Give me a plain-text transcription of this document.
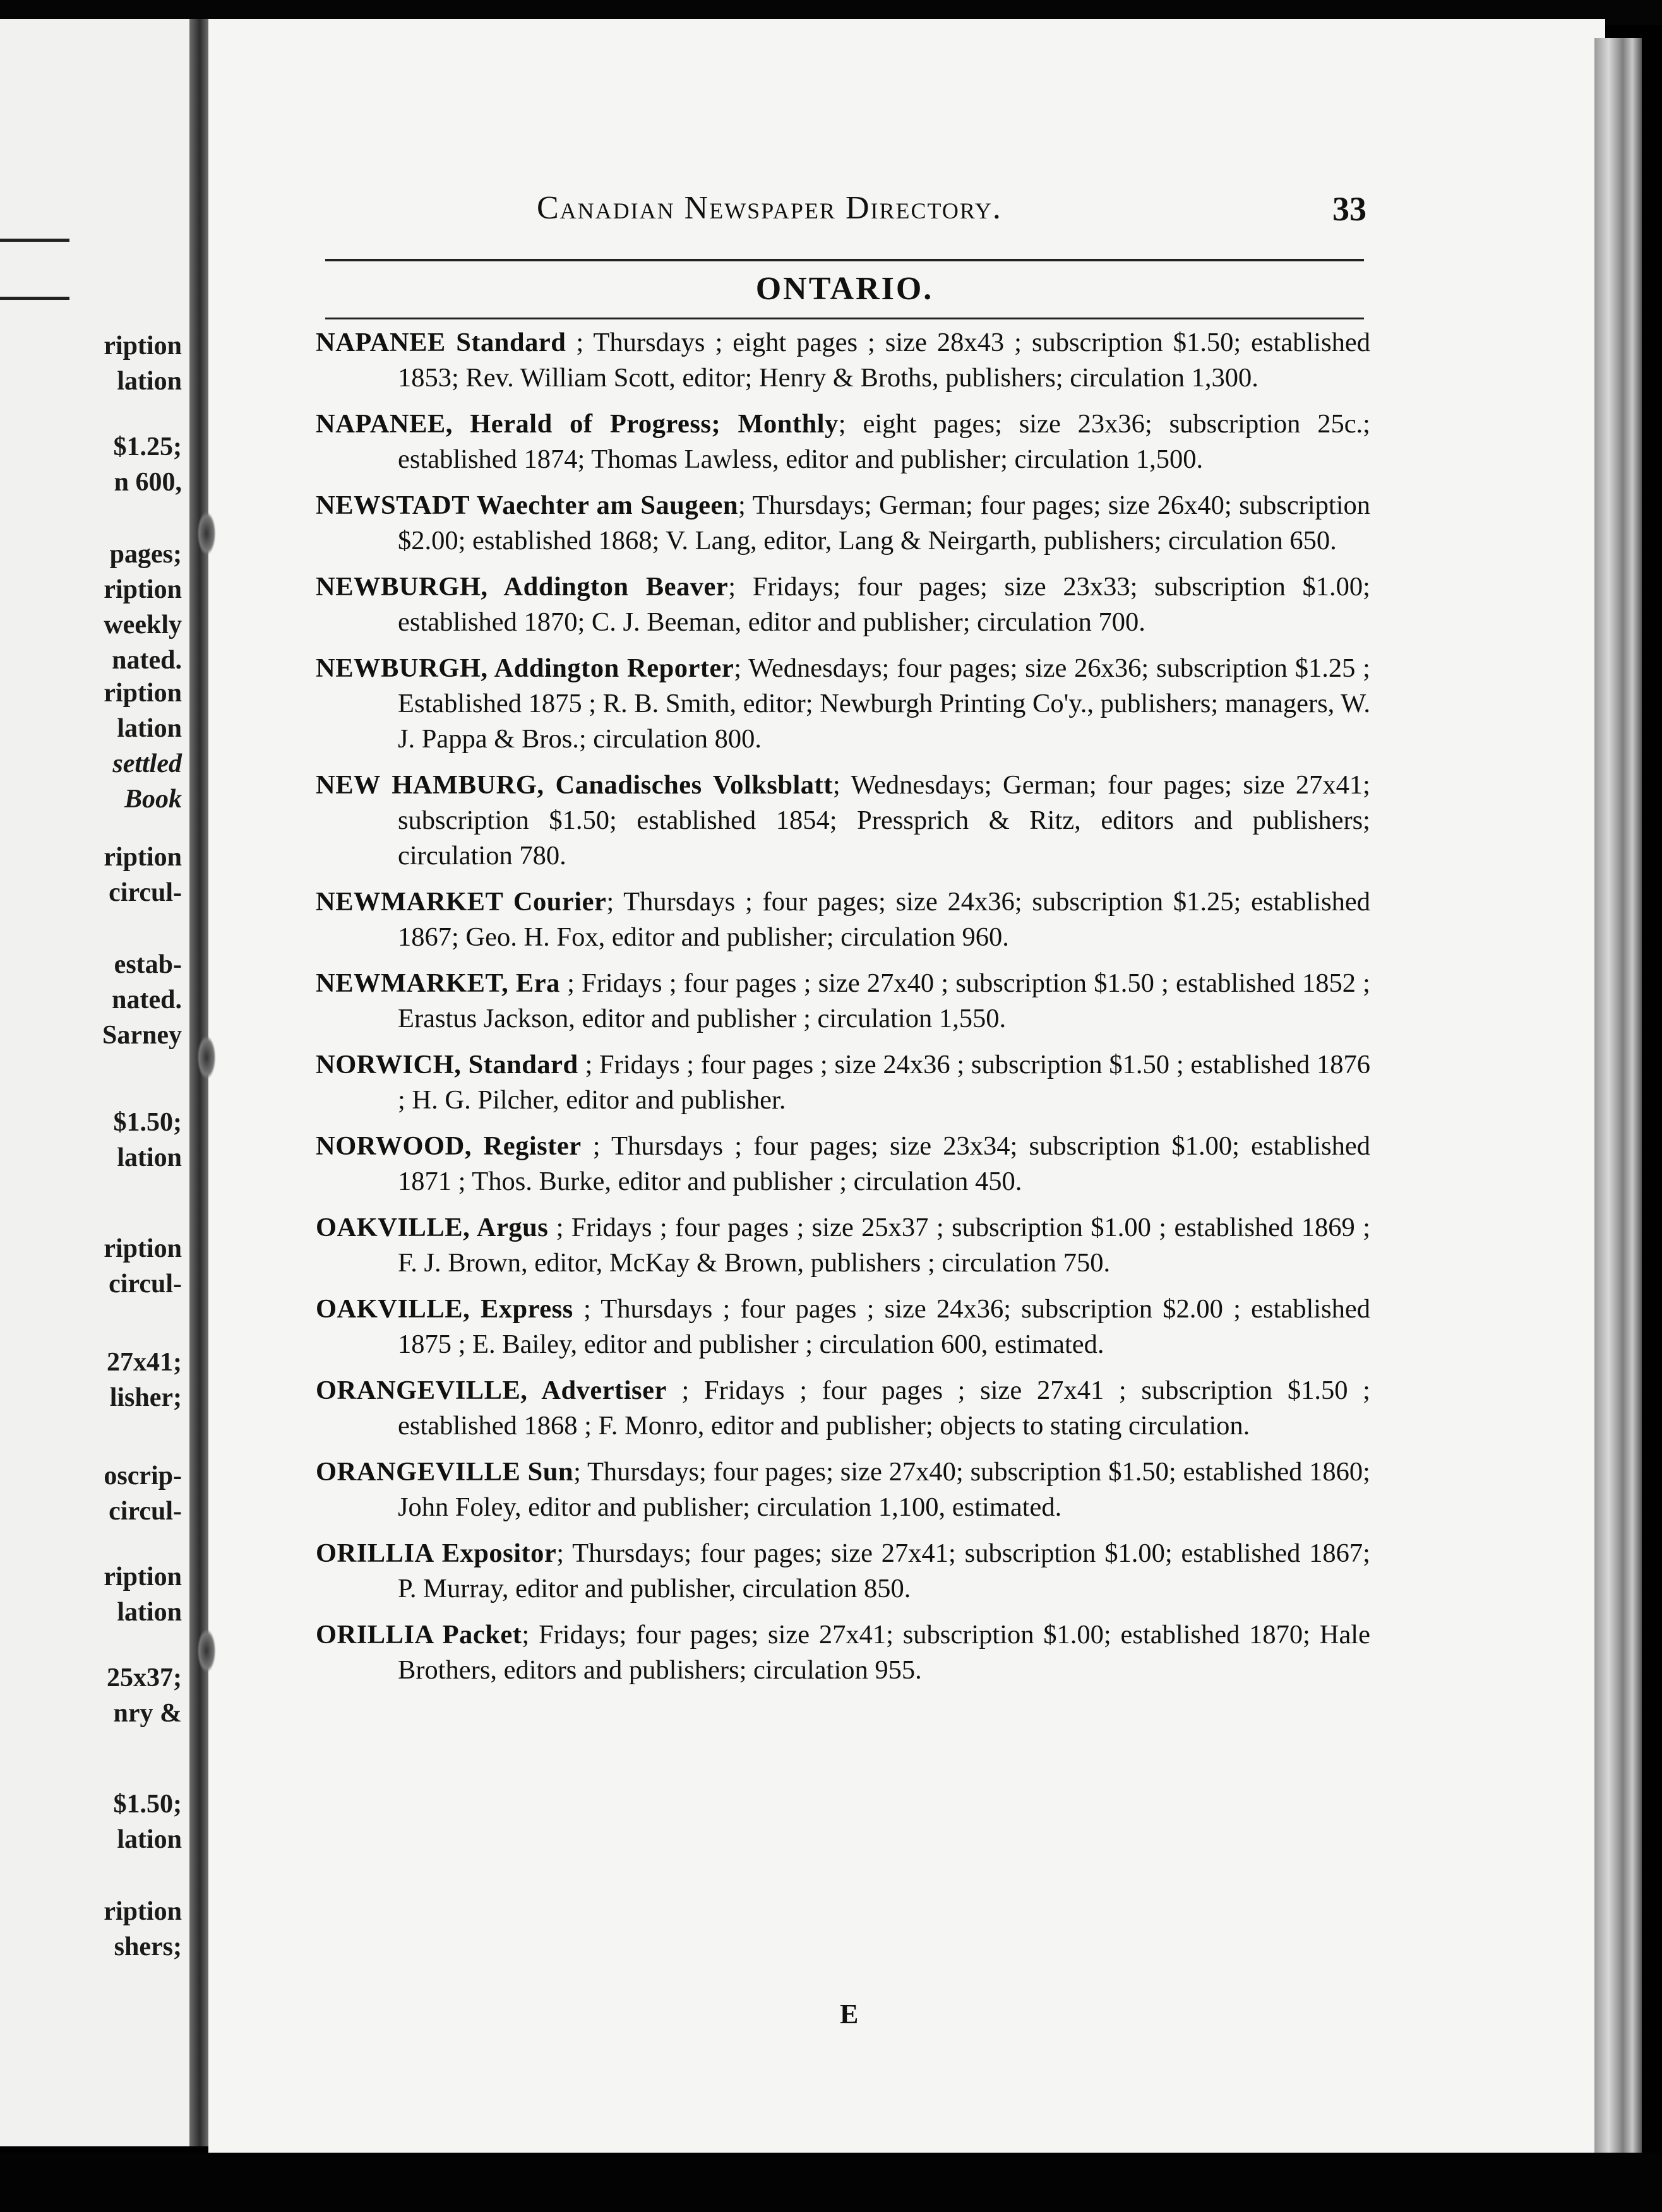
ription
lation
$1.25;
n 600,
pages;
ription
weekly
nated.
ription
lation
settled
Book
ription
circul-
estab-
nated.
Sarney
$1.50;
lation
ription
circul-
27x41;
lisher;
oscrip-
circul-
ription
lation
25x37;
nry &
$1.50;
lation
ription
shers;
Canadian Newspaper Directory.	33
ONTARIO.

NAPANEE Standard ; Thursdays ; eight pages ; size 28x43 ; subscription $1.50; established 1853; Rev. William Scott, editor; Henry & Broths, publishers; circulation 1,300.

NAPANEE, Herald of Progress; Monthly; eight pages; size 23x36; subscription 25c.; established 1874; Thomas Lawless, editor and publisher; circulation 1,500.

NEWSTADT Waechter am Saugeen; Thursdays; German; four pages; size 26x40; subscription $2.00; established 1868; V. Lang, editor, Lang & Neirgarth, publishers; circulation 650.

NEWBURGH, Addington Beaver; Fridays; four pages; size 23x33; subscription $1.00; established 1870; C. J. Beeman, editor and publisher; circulation 700.

NEWBURGH, Addington Reporter; Wednesdays; four pages; size 26x36; subscription $1.25 ; Established 1875 ; R. B. Smith, editor; Newburgh Printing Co'y., publishers; managers, W. J. Pappa & Bros.; circulation 800.

NEW HAMBURG, Canadisches Volksblatt; Wednesdays; German; four pages; size 27x41; subscription $1.50; established 1854; Pressprich & Ritz, editors and publishers; circulation 780.

NEWMARKET Courier; Thursdays ; four pages; size 24x36; subscription $1.25; established 1867; Geo. H. Fox, editor and publisher; circulation 960.

NEWMARKET, Era ; Fridays ; four pages ; size 27x40 ; subscription $1.50 ; established 1852 ; Erastus Jackson, editor and publisher ; circulation 1,550.

NORWICH, Standard ; Fridays ; four pages ; size 24x36 ; subscription $1.50 ; established 1876 ; H. G. Pilcher, editor and publisher.

NORWOOD, Register ; Thursdays ; four pages; size 23x34; subscription $1.00; established 1871 ; Thos. Burke, editor and publisher ; circulation 450.

OAKVILLE, Argus ; Fridays ; four pages ; size 25x37 ; subscription $1.00 ; established 1869 ; F. J. Brown, editor, McKay & Brown, publishers ; circulation 750.

OAKVILLE, Express ; Thursdays ; four pages ; size 24x36; subscription $2.00 ; established 1875 ; E. Bailey, editor and publisher ; circulation 600, estimated.

ORANGEVILLE, Advertiser ; Fridays ; four pages ; size 27x41 ; subscription $1.50 ; established 1868 ; F. Monro, editor and publisher; objects to stating circulation.

ORANGEVILLE Sun; Thursdays; four pages; size 27x40; subscription $1.50; established 1860; John Foley, editor and publisher; circulation 1,100, estimated.

ORILLIA Expositor; Thursdays; four pages; size 27x41; subscription $1.00; established 1867; P. Murray, editor and publisher, circulation 850.

ORILLIA Packet; Fridays; four pages; size 27x41; subscription $1.00; established 1870; Hale Brothers, editors and publishers; circulation 955.

E
